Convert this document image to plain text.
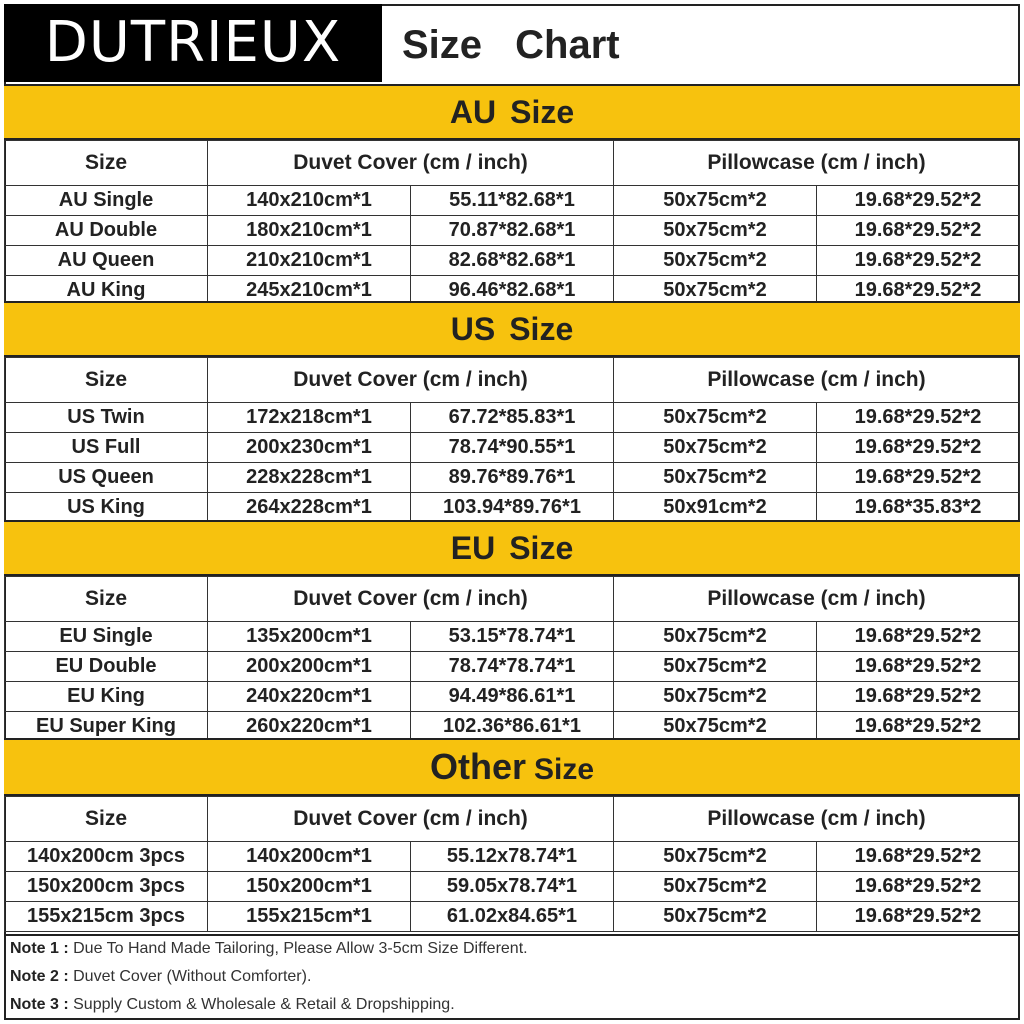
DUTRIEUX	Size Chart
AU Size
Size	Duvet Cover (cm / inch)		Pillowcase (cm / inch)	
AU Single	140x210cm*1	55.11*82.68*1	50x75cm*2	19.68*29.52*2
AU Double	180x210cm*1	70.87*82.68*1	50x75cm*2	19.68*29.52*2
AU Queen	210x210cm*1	82.68*82.68*1	50x75cm*2	19.68*29.52*2
AU King	245x210cm*1	96.46*82.68*1	50x75cm*2	19.68*29.52*2
US Size
Size	Duvet Cover (cm / inch)		Pillowcase (cm / inch)	
US Twin	172x218cm*1	67.72*85.83*1	50x75cm*2	19.68*29.52*2
US Full	200x230cm*1	78.74*90.55*1	50x75cm*2	19.68*29.52*2
US Queen	228x228cm*1	89.76*89.76*1	50x75cm*2	19.68*29.52*2
US King	264x228cm*1	103.94*89.76*1	50x91cm*2	19.68*35.83*2
EU Size
Size	Duvet Cover (cm / inch)		Pillowcase (cm / inch)	
EU Single	135x200cm*1	53.15*78.74*1	50x75cm*2	19.68*29.52*2
EU Double	200x200cm*1	78.74*78.74*1	50x75cm*2	19.68*29.52*2
EU King	240x220cm*1	94.49*86.61*1	50x75cm*2	19.68*29.52*2
EU Super King	260x220cm*1	102.36*86.61*1	50x75cm*2	19.68*29.52*2
Other Size
Size	Duvet Cover (cm / inch)		Pillowcase (cm / inch)	
140x200cm 3pcs	140x200cm*1	55.12x78.74*1	50x75cm*2	19.68*29.52*2
150x200cm 3pcs	150x200cm*1	59.05x78.74*1	50x75cm*2	19.68*29.52*2
155x215cm 3pcs	155x215cm*1	61.02x84.65*1	50x75cm*2	19.68*29.52*2
Note 1 : Due To Hand Made Tailoring, Please Allow 3-5cm Size Different.
Note 2 : Duvet Cover (Without Comforter).
Note 3 : Supply Custom & Wholesale & Retail & Dropshipping.
